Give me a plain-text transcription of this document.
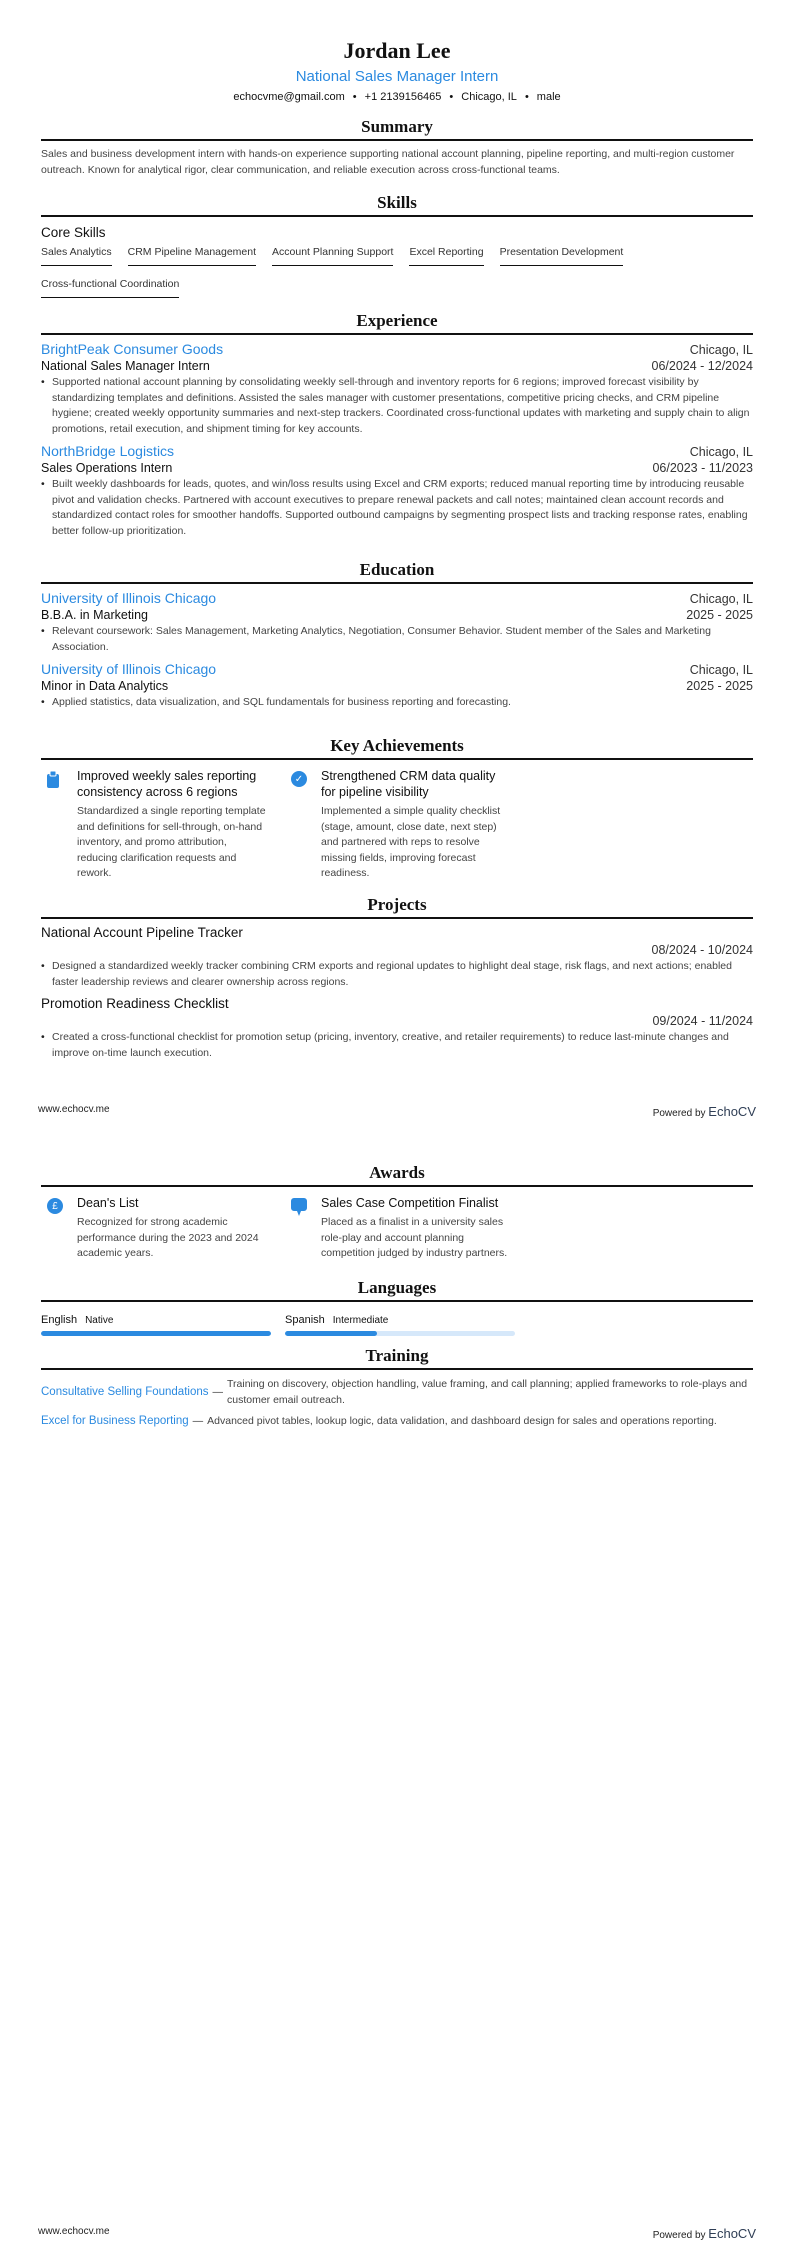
Jordan Lee
National Sales Manager Intern
echocvme@gmail.com • +1 2139156465 • Chicago, IL • male
Summary
Sales and business development intern with hands-on experience supporting national account planning, pipeline reporting, and multi-region customer outreach. Known for analytical rigor, clear communication, and reliable execution across cross-functional teams.
Skills
Core Skills
Sales Analytics CRM Pipeline Management Account Planning Support Excel Reporting Presentation Development
Cross-functional Coordination
Experience
BrightPeak Consumer Goods	Chicago, IL
National Sales Manager Intern	06/2024 - 12/2024
• Supported national account planning by consolidating weekly sell-through and inventory reports for 6 regions; improved forecast visibility by standardizing templates and definitions. Assisted the sales manager with customer presentations, competitive pricing checks, and CRM pipeline hygiene; created weekly opportunity summaries and next-step trackers. Coordinated cross-functional updates with marketing and supply chain to align promotions, retail execution, and shipment timing for key accounts.
NorthBridge Logistics	Chicago, IL
Sales Operations Intern	06/2023 - 11/2023
• Built weekly dashboards for leads, quotes, and win/loss results using Excel and CRM exports; reduced manual reporting time by introducing reusable pivot and validation checks. Partnered with account executives to prepare renewal packets and call notes; maintained clean account records and standardized contact roles for smoother handoffs. Supported outbound campaigns by segmenting prospect lists and tracking response rates, enabling better follow-up prioritization.
Education
University of Illinois Chicago	Chicago, IL
B.B.A. in Marketing	2025 - 2025
• Relevant coursework: Sales Management, Marketing Analytics, Negotiation, Consumer Behavior. Student member of the Sales and Marketing Association.
University of Illinois Chicago	Chicago, IL
Minor in Data Analytics	2025 - 2025
• Applied statistics, data visualization, and SQL fundamentals for business reporting and forecasting.
Key Achievements
Improved weekly sales reporting consistency across 6 regions
Standardized a single reporting template and definitions for sell-through, on-hand inventory, and promo attribution, reducing clarification requests and rework.
✓	Strengthened CRM data quality for pipeline visibility
Implemented a simple quality checklist (stage, amount, close date, next step) and partnered with reps to resolve missing fields, improving forecast readiness.
Projects
National Account Pipeline Tracker
08/2024 - 10/2024
• Designed a standardized weekly tracker combining CRM exports and regional updates to highlight deal stage, risk flags, and next actions; enabled faster leadership reviews and clearer ownership across regions.
Promotion Readiness Checklist
09/2024 - 11/2024
• Created a cross-functional checklist for promotion setup (pricing, inventory, creative, and retailer requirements) to reduce last-minute changes and improve on-time launch execution.
www.echocv.me	Powered by EchoCV
Awards
£	Dean's List
Recognized for strong academic performance during the 2023 and 2024 academic years.
Sales Case Competition Finalist
Placed as a finalist in a university sales role-play and account planning competition judged by industry partners.
Languages
English Native	Spanish Intermediate
Training
Consultative Selling Foundations —
Training on discovery, objection handling, value framing, and call planning; applied frameworks to role-plays and customer email outreach.
Excel for Business Reporting — Advanced pivot tables, lookup logic, data validation, and dashboard design for sales and operations reporting.
www.echocv.me	Powered by EchoCV
